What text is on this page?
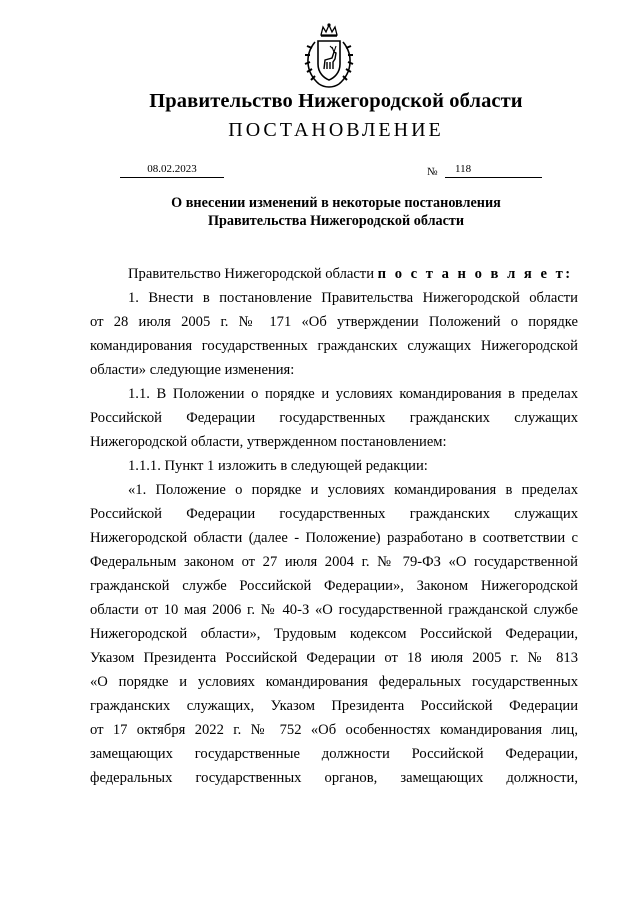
Правительство Нижегородской области
ПОСТАНОВЛЕНИЕ
08.02.2023	№	118
О внесении изменений в некоторые постановления
Правительства Нижегородской области
Правительство Нижегородской области п о с т а н о в л я е т:
1. Внести в постановление Правительства Нижегородской области
от 28 июля 2005 г. № 171 «Об утверждении Положений о порядке
командирования государственных гражданских служащих Нижегородской
области» следующие изменения:
1.1. В Положении о порядке и условиях командирования в пределах
Российской Федерации государственных гражданских служащих
Нижегородской области, утвержденном постановлением:
1.1.1. Пункт 1 изложить в следующей редакции:
«1. Положение о порядке и условиях командирования в пределах
Российской Федерации государственных гражданских служащих
Нижегородской области (далее - Положение) разработано в соответствии с
Федеральным законом от 27 июля 2004 г. № 79-ФЗ «О государственной
гражданской службе Российской Федерации», Законом Нижегородской
области от 10 мая 2006 г. № 40-З «О государственной гражданской службе
Нижегородской области», Трудовым кодексом Российской Федерации,
Указом Президента Российской Федерации от 18 июля 2005 г. № 813
«О порядке и условиях командирования федеральных государственных
гражданских служащих, Указом Президента Российской Федерации
от 17 октября 2022 г. № 752 «Об особенностях командирования лиц,
замещающих государственные должности Российской Федерации,
федеральных государственных органов, замещающих должности,
